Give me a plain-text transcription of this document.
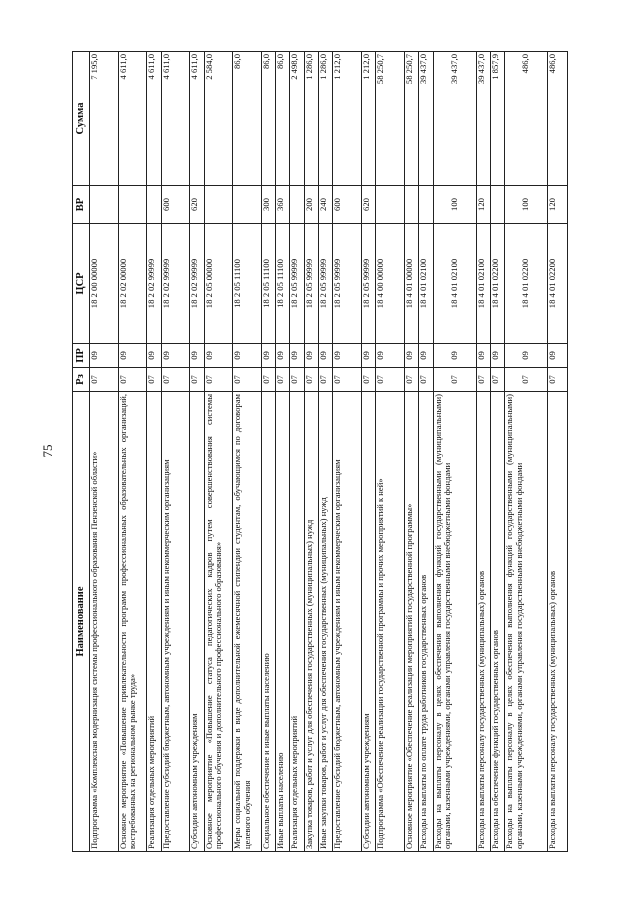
75
Наименование	Рз	ПР	ЦСР	ВР	Сумма
Подпрограмма «Комплексная модернизация системы профессионального образования Пензенской области»	07	09	18 2 00 00000		7 195,0
Основное мероприятие «Повышение привлекательности программ профессиональных образовательных организаций, востребованных на региональном рынке труда»	07	09	18 2 02 00000		4 611,0
Реализация отдельных мероприятий	07	09	18 2 02 99999		4 611,0
Предоставление субсидий бюджетным, автономным учреждениям и иным некоммерческим организациям	07	09	18 2 02 99999	600	4 611,0
Субсидии автономным учреждениям	07	09	18 2 02 99999	620	4 611,0
Основное мероприятие «Повышение статуса педагогических кадров путем совершенствования системы профессионального обучения и дополнительного профессионального образования»	07	09	18 2 05 00000		2 584,0
Меры социальной поддержки в виде дополнительной ежемесячной стипендии студентам, обучающимся по договорам целевого обучения	07	09	18 2 05 11100		86,0
Социальное обеспечение и иные выплаты населению	07	09	18 2 05 11100	300	86,0
Иные выплаты населению	07	09	18 2 05 11100	360	86,0
Реализация отдельных мероприятий	07	09	18 2 05 99999		2 498,0
Закупка товаров, работ и услуг для обеспечения государственных (муниципальных) нужд	07	09	18 2 05 99999	200	1 286,0
Иные закупки товаров, работ и услуг для обеспечения государственных (муниципальных) нужд	07	09	18 2 05 99999	240	1 286,0
Предоставление субсидий бюджетным, автономным учреждениям и иным некоммерческим организациям	07	09	18 2 05 99999	600	1 212,0
Субсидии автономным учреждениям	07	09	18 2 05 99999	620	1 212,0
Подпрограмма «Обеспечение реализации государственной программы и прочих мероприятий к ней»	07	09	18 4 00 00000		58 250,7
Основное мероприятие «Обеспечение реализации мероприятий государственной программы»	07	09	18 4 01 00000		58 250,7
Расходы на выплаты по оплате труда работников государственных органов	07	09	18 4 01 02100		39 437,0
Расходы на выплаты персоналу в целях обеспечения выполнения функций государственными (муниципальными) органами, казенными учреждениями, органами управления государственными внебюджетными фондами	07	09	18 4 01 02100	100	39 437,0
Расходы на выплаты персоналу государственных (муниципальных) органов	07	09	18 4 01 02100	120	39 437,0
Расходы на обеспечение функций государственных органов	07	09	18 4 01 02200		1 857,9
Расходы на выплаты персоналу в целях обеспечения выполнения функций государственными (муниципальными) органами, казенными учреждениями, органами управления государственными внебюджетными фондами	07	09	18 4 01 02200	100	486,0
Расходы на выплаты персоналу государственных (муниципальных) органов	07	09	18 4 01 02200	120	486,0
